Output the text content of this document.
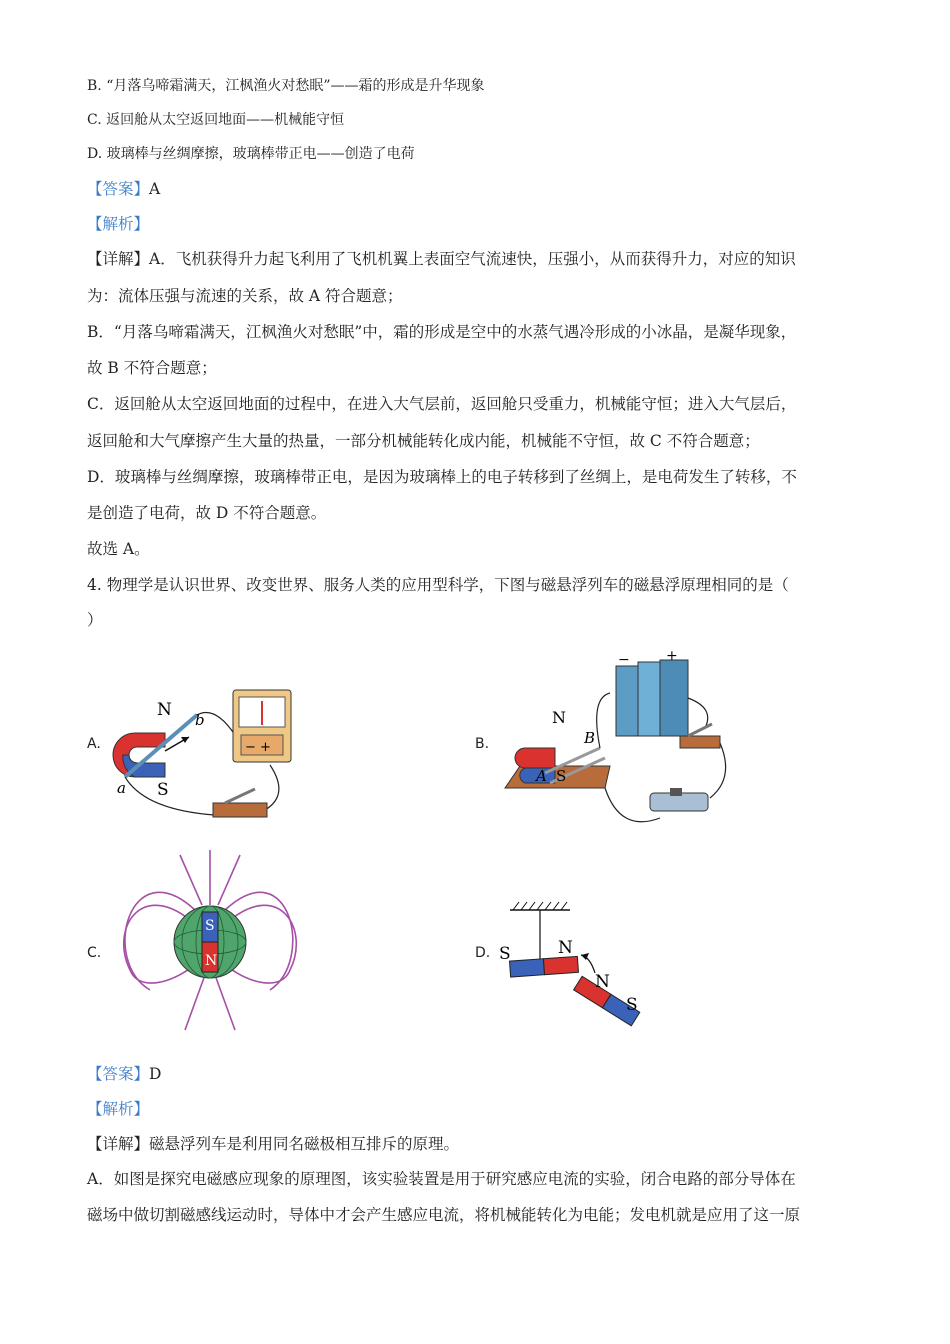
B. “月落乌啼霜满天，江枫渔火对愁眠”——霜的形成是升华现象
C. 返回舱从太空返回地面——机械能守恒
D. 玻璃棒与丝绸摩擦，玻璃棒带正电——创造了电荷
【答案】A
【解析】
【详解】A．飞机获得升力起飞利用了飞机机翼上表面空气流速快，压强小，从而获得升力，对应的知识
为：流体压强与流速的关系，故 A 符合题意；
B．“月落乌啼霜满天，江枫渔火对愁眠”中，霜的形成是空中的水蒸气遇冷形成的小冰晶，是凝华现象，
故 B 不符合题意；
C．返回舱从太空返回地面的过程中，在进入大气层前，返回舱只受重力，机械能守恒；进入大气层后，
返回舱和大气摩擦产生大量的热量，一部分机械能转化成内能，机械能不守恒，故 C 不符合题意；
D．玻璃棒与丝绸摩擦，玻璃棒带正电，是因为玻璃棒上的电子转移到了丝绸上，是电荷发生了转移，不
是创造了电荷，故 D 不符合题意。
故选 A。
4. 物理学是认识世界、改变世界、服务人类的应用型科学，下图与磁悬浮列车的磁悬浮原理相同的是（
）
A.	B.
C.	D.
− +
N
S
a
b
−	+
N
S
A
B
S
N	S	N
N
S
【答案】D
【解析】
【详解】磁悬浮列车是利用同名磁极相互排斥的原理。
A．如图是探究电磁感应现象的原理图，该实验装置是用于研究感应电流的实验，闭合电路的部分导体在
磁场中做切割磁感线运动时，导体中才会产生感应电流，将机械能转化为电能；发电机就是应用了这一原
